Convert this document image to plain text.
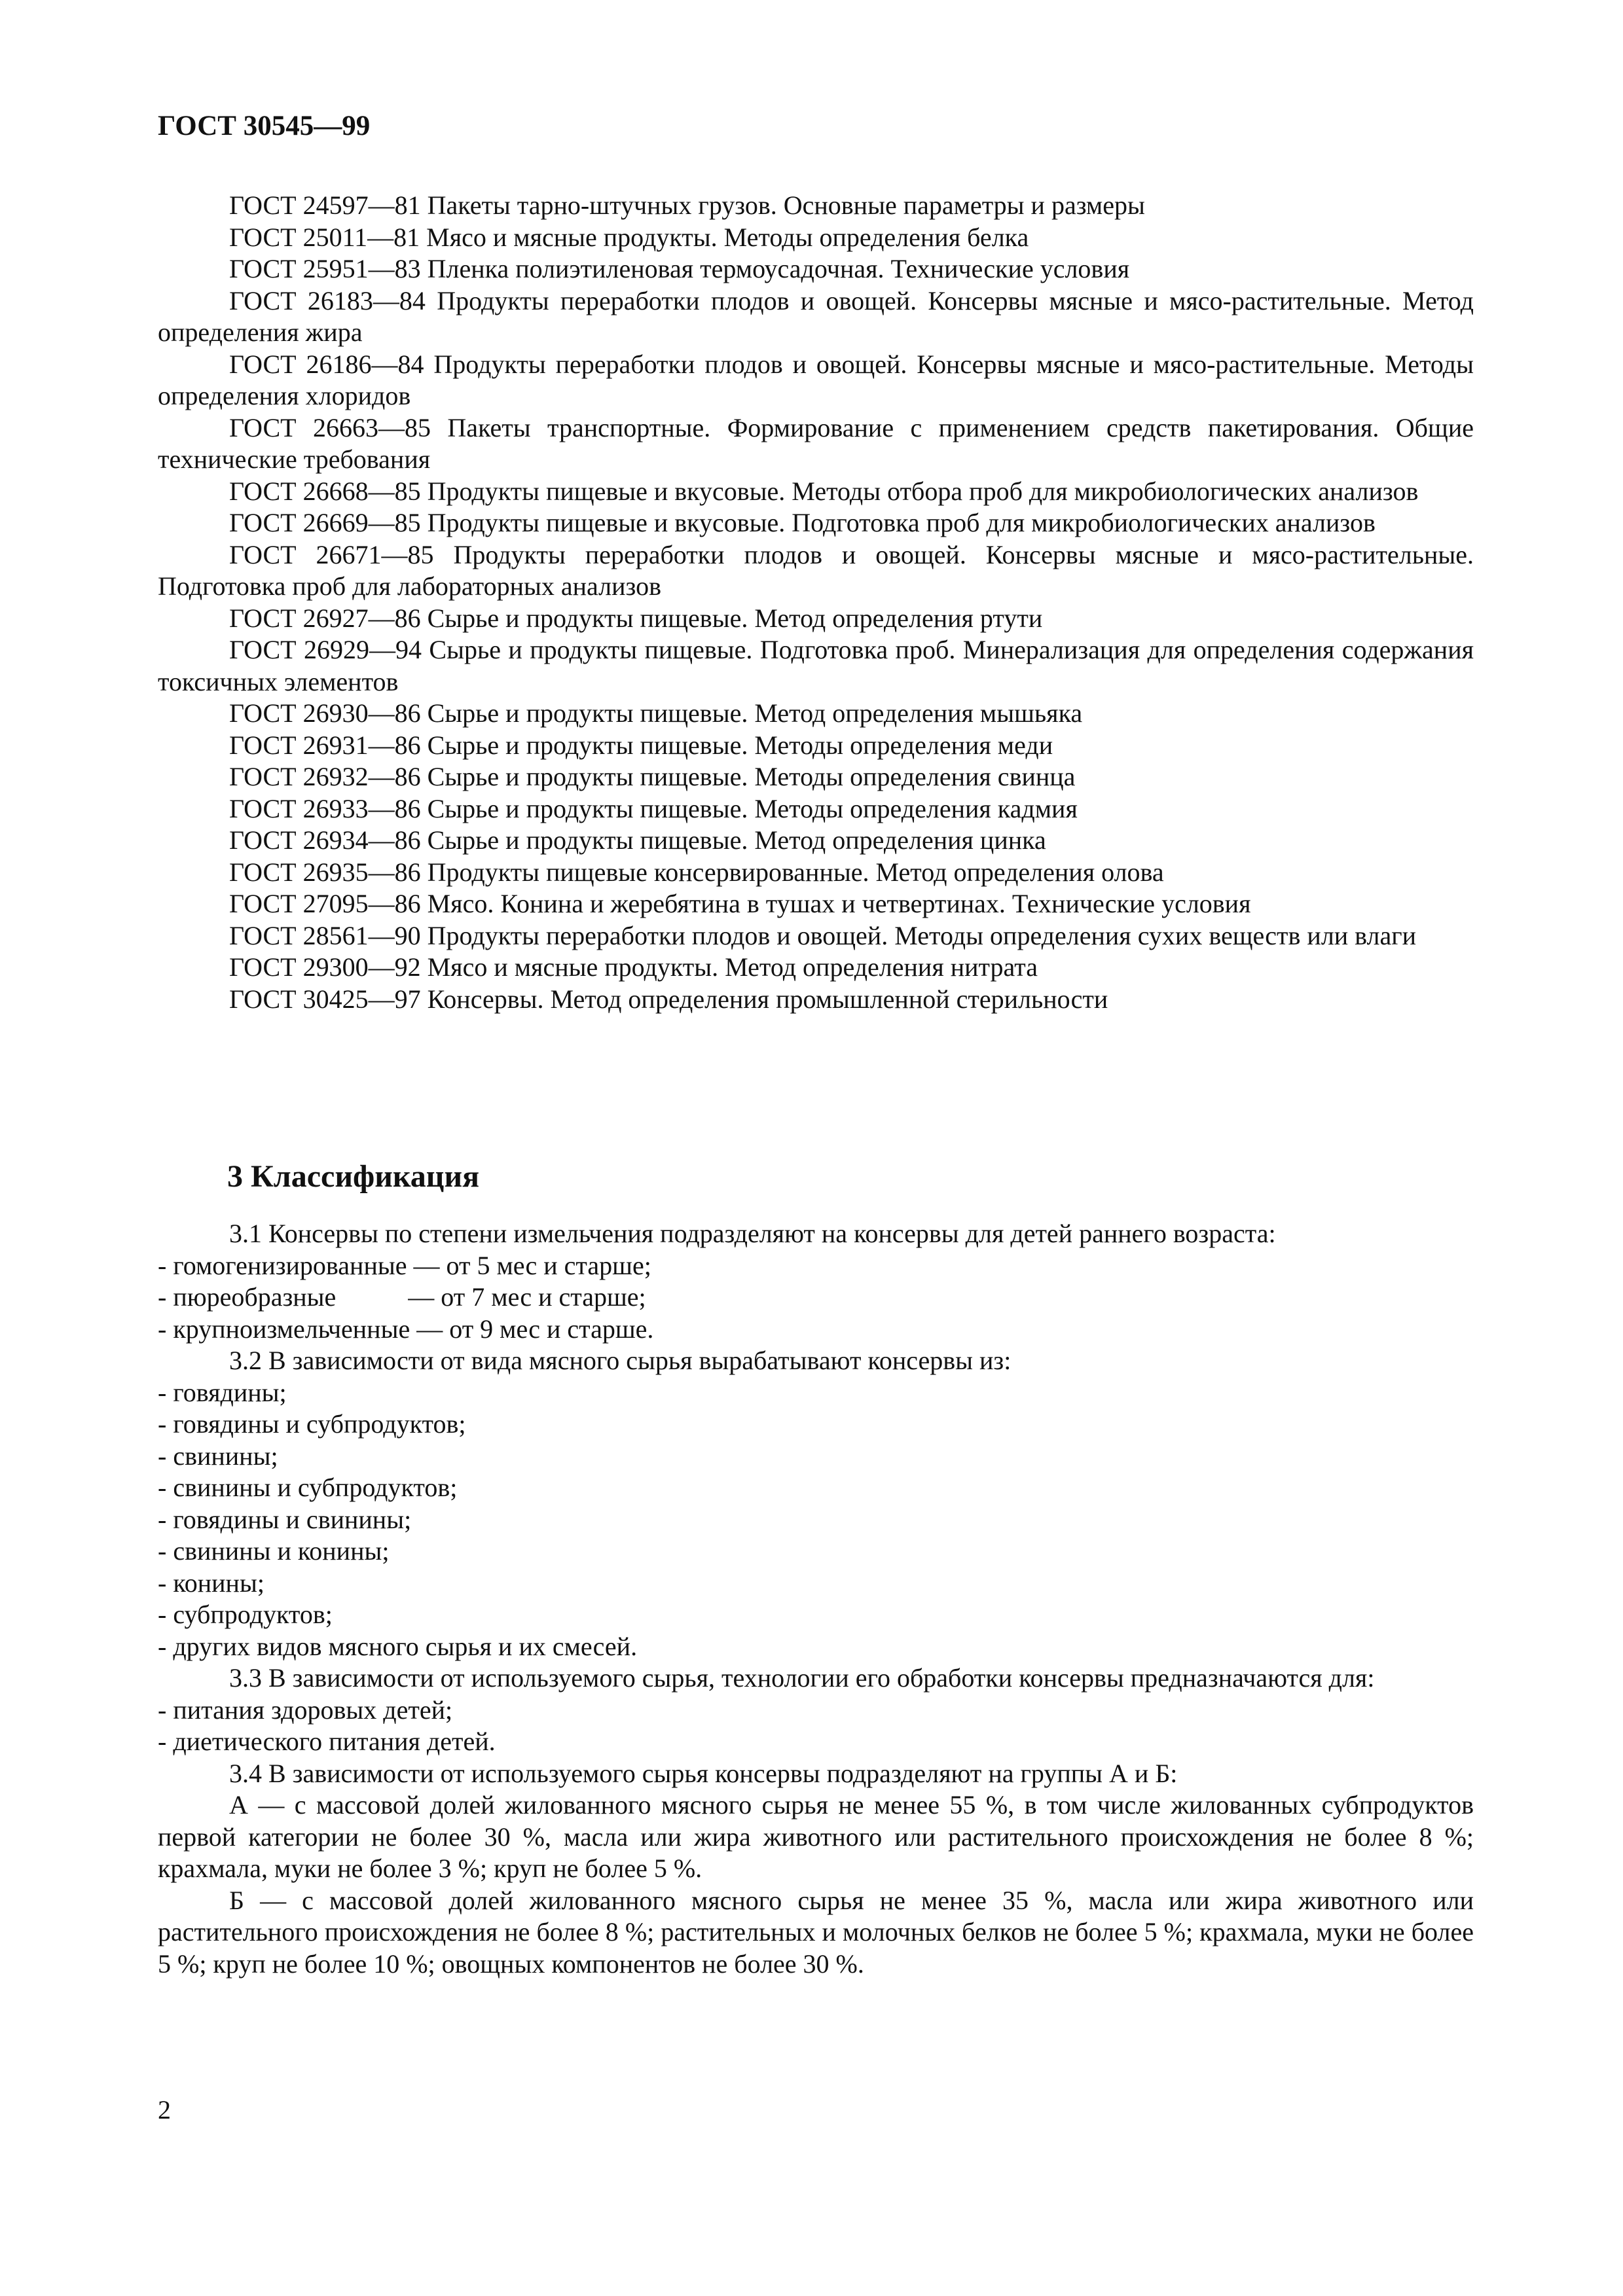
ГОСТ 30545—99

ГОСТ 24597—81 Пакеты тарно-штучных грузов. Основные параметры и размеры

ГОСТ 25011—81 Мясо и мясные продукты. Методы определения белка

ГОСТ 25951—83 Пленка полиэтиленовая термоусадочная. Технические условия

ГОСТ 26183—84 Продукты переработки плодов и овощей. Консервы мясные и мясо-растительные. Метод определения жира

ГОСТ 26186—84 Продукты переработки плодов и овощей. Консервы мясные и мясо-растительные. Методы определения хлоридов

ГОСТ 26663—85 Пакеты транспортные. Формирование с применением средств пакетирования. Общие технические требования

ГОСТ 26668—85 Продукты пищевые и вкусовые. Методы отбора проб для микробиологических анализов

ГОСТ 26669—85 Продукты пищевые и вкусовые. Подготовка проб для микробиологических анализов

ГОСТ 26671—85 Продукты переработки плодов и овощей. Консервы мясные и мясо-растительные. Подготовка проб для лабораторных анализов

ГОСТ 26927—86 Сырье и продукты пищевые. Метод определения ртути

ГОСТ 26929—94 Сырье и продукты пищевые. Подготовка проб. Минерализация для определения содержания токсичных элементов

ГОСТ 26930—86 Сырье и продукты пищевые. Метод определения мышьяка

ГОСТ 26931—86 Сырье и продукты пищевые. Методы определения меди

ГОСТ 26932—86 Сырье и продукты пищевые. Методы определения свинца

ГОСТ 26933—86 Сырье и продукты пищевые. Методы определения кадмия

ГОСТ 26934—86 Сырье и продукты пищевые. Метод определения цинка

ГОСТ 26935—86 Продукты пищевые консервированные. Метод определения олова

ГОСТ 27095—86 Мясо. Конина и жеребятина в тушах и четвертинах. Технические условия

ГОСТ 28561—90 Продукты переработки плодов и овощей. Методы определения сухих веществ или влаги

ГОСТ 29300—92 Мясо и мясные продукты. Метод определения нитрата

ГОСТ 30425—97 Консервы. Метод определения промышленной стерильности

3 Классификация

3.1 Консервы по степени измельчения подразделяют на консервы для детей раннего возраста:

- гомогенизированные — от 5 мес и старше;

- пюреобразные           — от 7 мес и старше;

- крупноизмельченные — от 9 мес и старше.

3.2 В зависимости от вида мясного сырья вырабатывают консервы из:

- говядины;

- говядины и субпродуктов;

- свинины;

- свинины и субпродуктов;

- говядины и свинины;

- свинины и конины;

- конины;

- субпродуктов;

- других видов мясного сырья и их смесей.

3.3 В зависимости от используемого сырья, технологии его обработки консервы предназначаются для:

- питания здоровых детей;

- диетического питания детей.

3.4 В зависимости от используемого сырья консервы подразделяют на группы А и Б:

А — с массовой долей жилованного мясного сырья не менее 55 %, в том числе жилованных субпродуктов первой категории не более 30 %, масла или жира животного или растительного происхождения не более 8 %; крахмала, муки не более 3 %; круп не более 5 %.

Б — с массовой долей жилованного мясного сырья не менее 35 %, масла или жира животного или растительного происхождения не более 8 %; растительных и молочных белков не более 5 %; крахмала, муки не более 5 %; круп не более 10 %; овощных компонентов не более 30 %.

2
